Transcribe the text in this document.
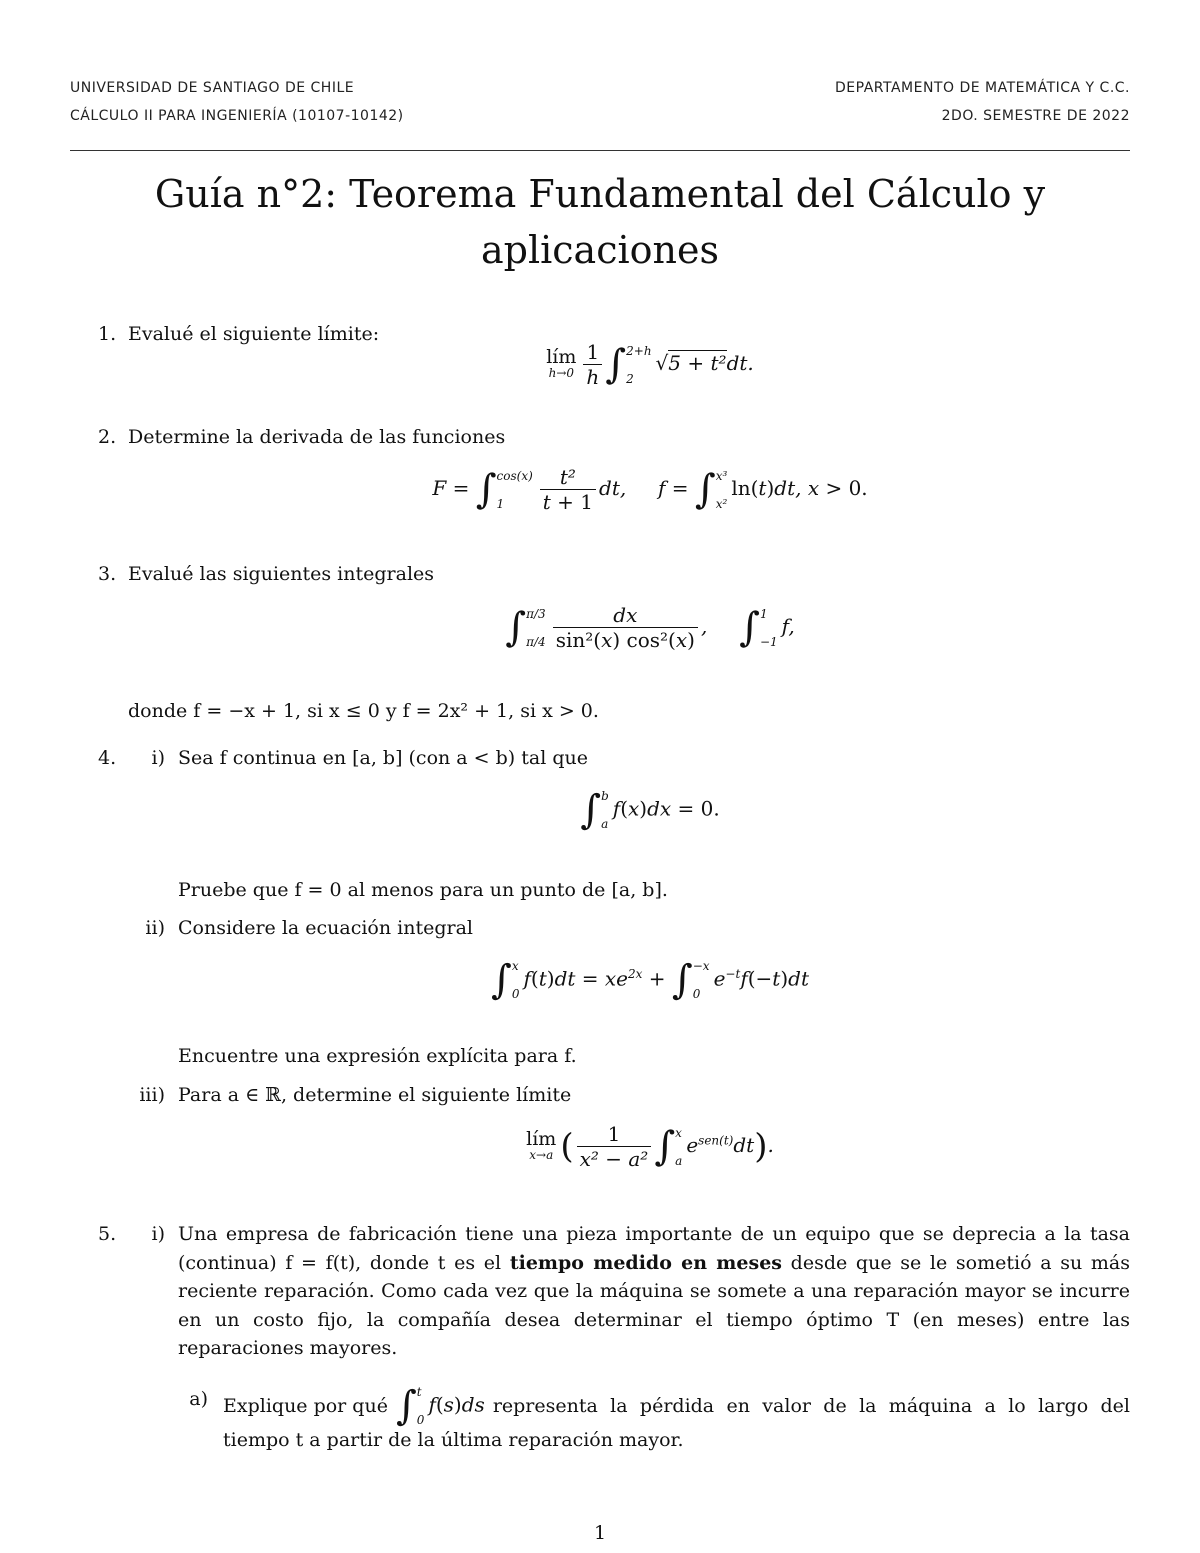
UNIVERSIDAD DE SANTIAGO DE CHILE
CÁLCULO II PARA INGENIERÍA (10107-10142)
DEPARTAMENTO DE MATEMÁTICA Y C.C.
2DO. SEMESTRE DE 2022
Guía n°2: Teorema Fundamental del Cálculo y aplicaciones
1. Evalué el siguiente límite:
lím
$h\to 0 \frac{1}{h} \int 2+h$

2√5 + t²dt.
2. Determine la derivada de las funciones
F = ∫cos(x)

$1 \frac{\text{t²}}{t + 1}$ dt,     f = ∫x³

x²ln(t)dt, x > 0.
3. Evalué las siguientes integrales
∫π/3

$\pi/4 \frac{dx}{\text{sin²(x) cos²(x)}}$ ,     ∫1

−1f,
donde f = −x + 1, si x ≤ 0 y f = 2x² + 1, si x > 0.
4.	i) Sea f continua en [a, b] (con a < b) tal que
∫b

af(x)dx = 0.
Pruebe que f = 0 al menos para un punto de [a, b].
ii) Considere la ecuación integral
∫x

$0f(t)dt = xe^{2x} + \int-x$

$0e^{-t}f(-t)dt$
Encuentre una expresión explícita para f.
iii) Para a ∈ ℝ, determine el siguiente límite
lím
x→a ( $\frac{1}{\text{x² − a²}} \int x$

$ae^{sen(t)}dt$).
5.	i) Una empresa de fabricación tiene una pieza importante de un equipo que se deprecia a la tasa (continua) f = f(t), donde t es el tiempo medido en meses desde que se le sometió a su más reciente reparación. Como cada vez que la máquina se somete a una reparación mayor se incurre en un costo fijo, la compañía desea determinar el tiempo óptimo T (en meses) entre las reparaciones mayores.
a) Explique por qué ∫t

0f(s)ds representa la pérdida en valor de la máquina a lo largo del
tiempo t a partir de la última reparación mayor.
1
